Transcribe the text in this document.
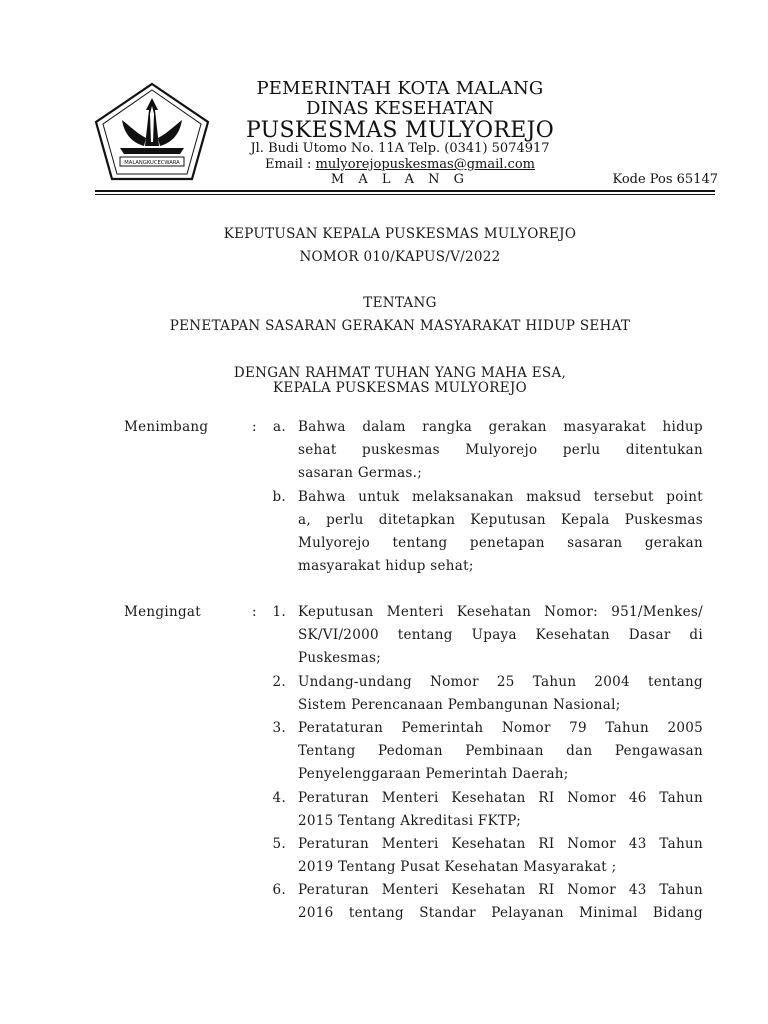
MALANGKUCECWARA
PEMERINTAH KOTA MALANG
DINAS KESEHATAN
PUSKESMAS MULYOREJO
Jl. Budi Utomo No. 11A Telp. (0341) 5074917
Email : mulyorejopuskesmas@gmail.com
M A L A N G	Kode Pos 65147
KEPUTUSAN KEPALA PUSKESMAS MULYOREJO
NOMOR 010/KAPUS/V/2022
TENTANG
PENETAPAN SASARAN GERAKAN MASYARAKAT HIDUP SEHAT
DENGAN RAHMAT TUHAN YANG MAHA ESA,
KEPALA PUSKESMAS MULYOREJO
Menimbang	:	a. Bahwa dalam rangka gerakan masyarakat hidup
sehat puskesmas Mulyorejo perlu ditentukan
sasaran Germas.;
b. Bahwa untuk melaksanakan maksud tersebut point
a, perlu ditetapkan Keputusan Kepala Puskesmas
Mulyorejo tentang penetapan sasaran gerakan
masyarakat hidup sehat;
Mengingat	:	1. Keputusan Menteri Kesehatan Nomor: 951/Menkes/
SK/VI/2000 tentang Upaya Kesehatan Dasar di
Puskesmas;
2. Undang-undang Nomor 25 Tahun 2004 tentang
Sistem Perencanaan Pembangunan Nasional;
3. Perataturan Pemerintah Nomor 79 Tahun 2005
Tentang Pedoman Pembinaan dan Pengawasan
Penyelenggaraan Pemerintah Daerah;
4. Peraturan Menteri Kesehatan RI Nomor 46 Tahun
2015 Tentang Akreditasi FKTP;
5. Peraturan Menteri Kesehatan RI Nomor 43 Tahun
2019 Tentang Pusat Kesehatan Masyarakat ;
6. Peraturan Menteri Kesehatan RI Nomor 43 Tahun
2016 tentang Standar Pelayanan Minimal Bidang
